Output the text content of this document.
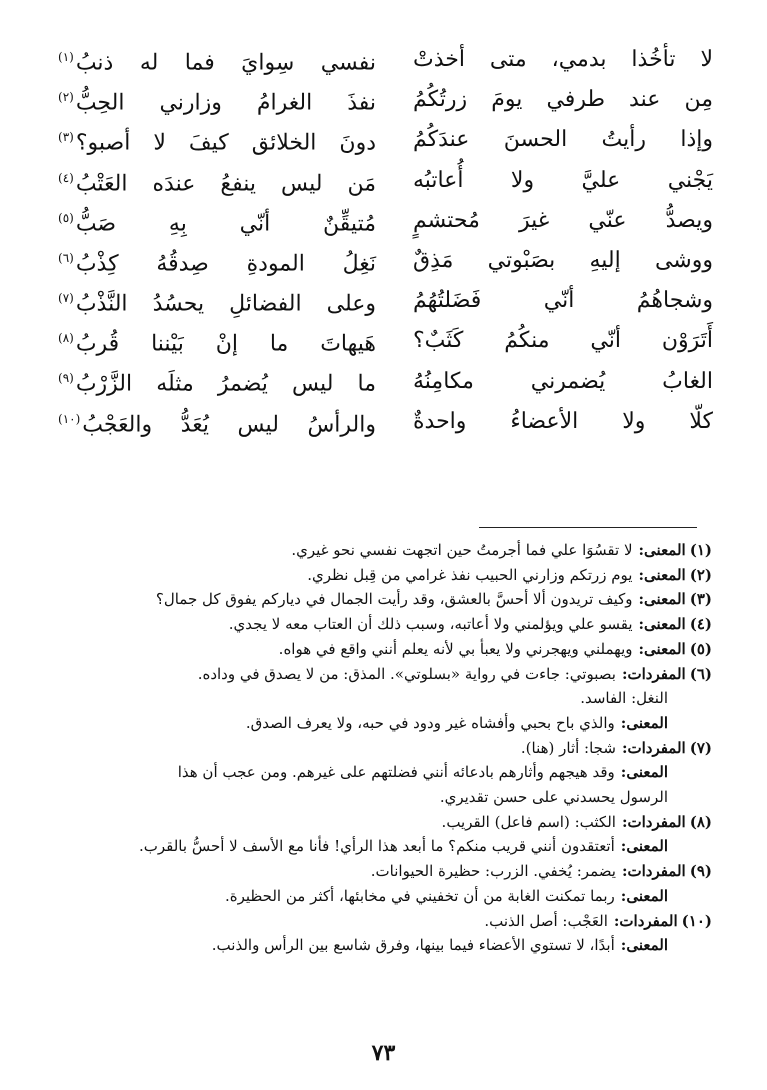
لا تأخُذا بدمي، متى أخذتْ
نفسي سِوايَ فما له ذنبُ$^{(١)}$
مِن عند طرفي يومَ زرتُكُمُ
نفذَ الغرامُ وزارني الحِبُّ$^{(٢)}$
وإذا رأيتُ الحسنَ عندَكُمُ
دونَ الخلائق كيفَ لا أصبو؟$^{(٣)}$
يَجْني عليَّ ولا أُعاتبُه
مَن ليس ينفعُ عندَه العَتْبُ$^{(٤)}$
ويصدُّ عنّي غيرَ مُحتشمٍ
مُتيقِّنٌ أنّي بِهِ صَبُّ$^{(٥)}$
ووشى إليهِ بصَبْوتي مَذِقٌ
نَغِلُ المودةِ صِدقُهُ كِذْبُ$^{(٦)}$
وشجاهُمُ أنّي فَضَلتُهُمُ
وعلى الفضائلِ يحسُدُ النَّذْبُ$^{(٧)}$
أَتَرَوْن أنّي منكُمُ كَثَبٌ؟
هَيهاتَ ما إنْ بَيْننا قُربُ$^{(٨)}$
الغابُ يُضمرني مكامِنُهُ
ما ليس يُضمرُ مثلَه الزَّرْبُ$^{(٩)}$
كلّا ولا الأعضاءُ واحدةٌ
والرأسُ ليس يُعَدُّ والعَجْبُ$^{(١٠)}$
(١)المعنى:لا تقسُوَا علي فما أجرمتُ حين اتجهت نفسي نحو غيري.
(٢)المعنى:يوم زرتكم وزارني الحبيب نفذ غرامي من قِبل نظري.
(٣)المعنى:وكيف تريدون ألا أحسَّ بالعشق، وقد رأيت الجمال في دياركم يفوق كل جمال؟
(٤)المعنى:يقسو علي ويؤلمني ولا أعاتبه، وسبب ذلك أن العتاب معه لا يجدي.
(٥)المعنى:ويهملني ويهجرني ولا يعبأ بي لأنه يعلم أنني واقع في هواه.
(٦)المفردات:بصبوتي: جاءت في رواية «بسلوتي». المذق: من لا يصدق في وداده.
النغل: الفاسد.
المعنى:والذي باح بحبي وأفشاه غير ودود في حبه، ولا يعرف الصدق.
(٧)المفردات:شجا: أثار (هنا).
المعنى:وقد هيجهم وأثارهم بادعائه أنني فضلتهم على غيرهم. ومن عجب أن هذا
الرسول يحسدني على حسن تقديري.
(٨)المفردات:الكثب: (اسم فاعل) القريب.
المعنى:أتعتقدون أنني قريب منكم؟ ما أبعد هذا الرأي! فأنا مع الأسف لا أحسُّ بالقرب.
(٩)المفردات:يضمر: يُخفي. الزرب: حظيرة الحيوانات.
المعنى:ربما تمكنت الغابة من أن تخفيني في مخابئها، أكثر من الحظيرة.
(١٠)المفردات:العَجْب: أصل الذنب.
المعنى:أبدًا، لا تستوي الأعضاء فيما بينها، وفرق شاسع بين الرأس والذنب.
٧٣
